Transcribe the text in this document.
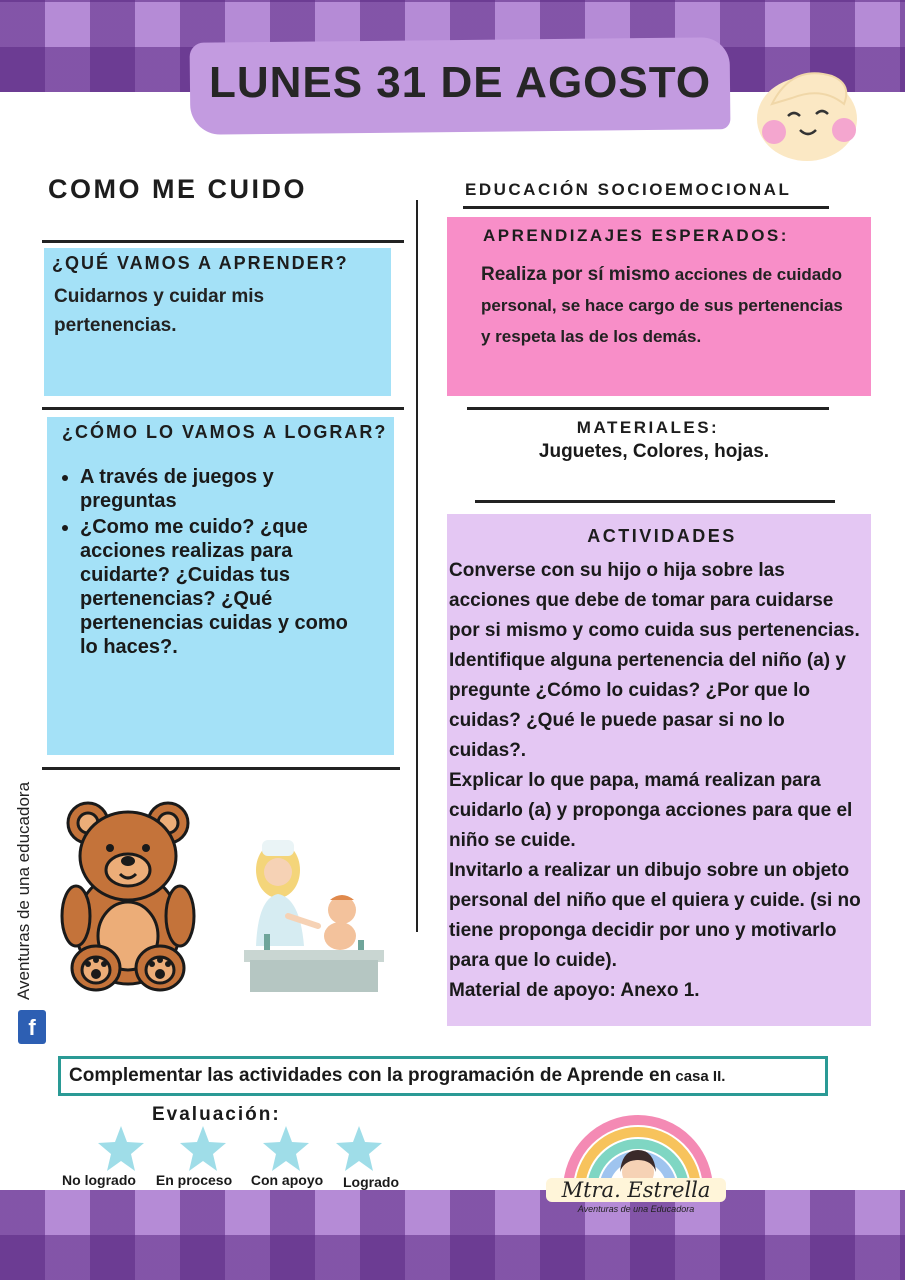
LUNES 31 DE AGOSTO
COMO ME CUIDO	EDUCACIÓN SOCIOEMOCIONAL
¿QUÉ VAMOS A APRENDER?
Cuidarnos y cuidar mis pertenencias.
¿CÓMO LO VAMOS A LOGRAR?
• A través de juegos y preguntas
• ¿Como me cuido? ¿que acciones realizas para cuidarte? ¿Cuidas tus pertenencias? ¿Qué pertenencias cuidas y como lo haces?.
APRENDIZAJES ESPERADOS:
Realiza por sí mismo acciones de cuidado personal, se hace cargo de sus pertenencias y respeta las de los demás.
MATERIALES:
Juguetes, Colores, hojas.
ACTIVIDADES

Converse con su hijo o hija sobre las acciones que debe de tomar para cuidarse por si mismo y como cuida sus pertenencias.

Identifique alguna pertenencia del niño (a) y pregunte ¿Cómo lo cuidas? ¿Por que lo cuidas? ¿Qué le puede pasar si no lo cuidas?.

Explicar lo que papa, mamá realizan para cuidarlo (a) y proponga acciones para que el niño se cuide.

Invitarlo a realizar un dibujo sobre un objeto personal del niño que el quiera y cuide. (si no tiene proponga decidir por uno y motivarlo para que lo cuide).

Material de apoyo: Anexo 1.

Aventuras de una educadora
f
Complementar las actividades con la programación de Aprende en casa II.
Evaluación:
No logrado	En proceso	Con apoyo	Logrado	Mtra. Estrella
Aventuras de una Educadora
